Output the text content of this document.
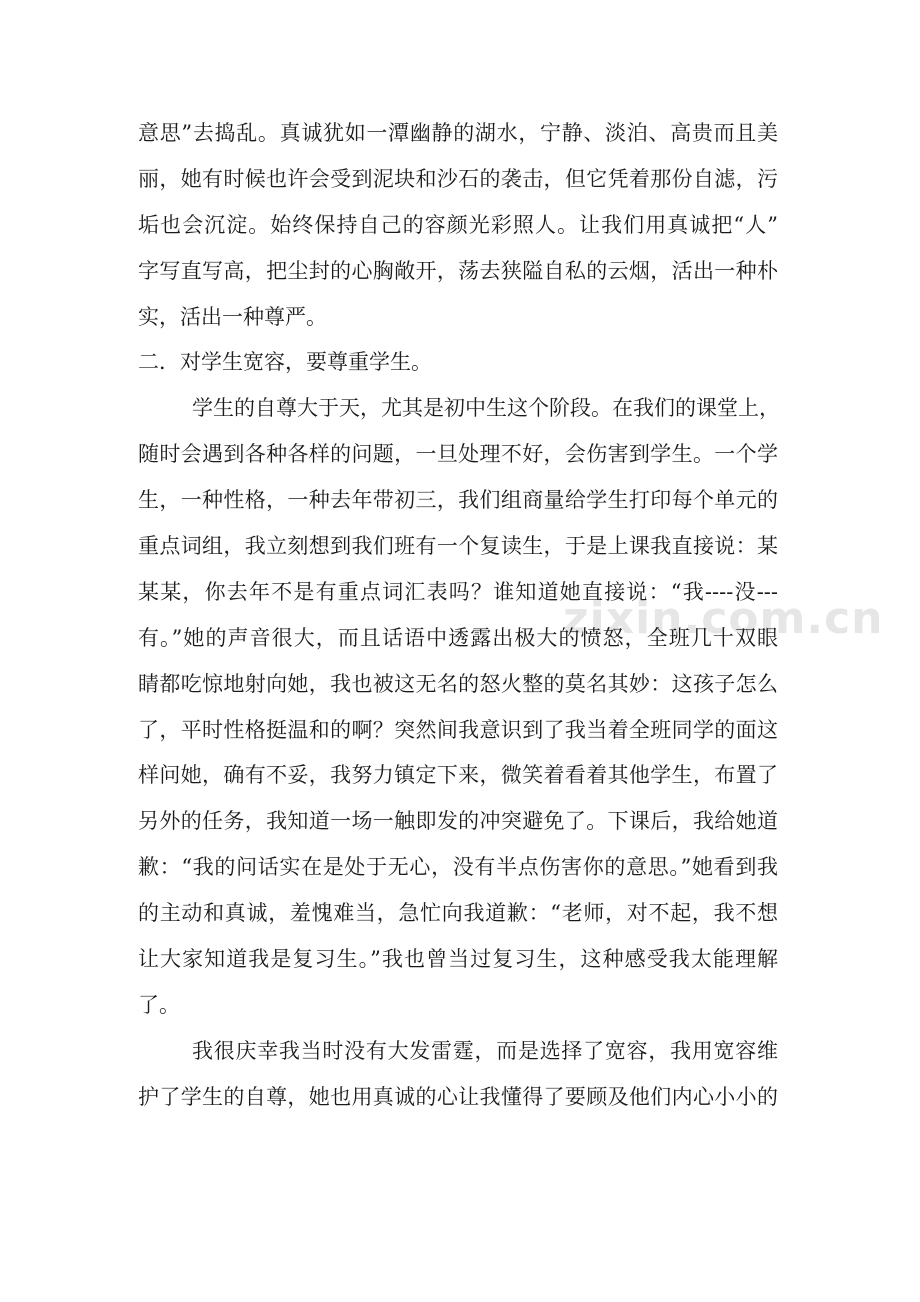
zixin.com.cn
意思”去捣乱。真诚犹如一潭幽静的湖水，宁静、淡泊、高贵而且美
丽，她有时候也许会受到泥块和沙石的袭击，但它凭着那份自滤，污
垢也会沉淀。始终保持自己的容颜光彩照人。让我们用真诚把“人”
字写直写高，把尘封的心胸敞开，荡去狭隘自私的云烟，活出一种朴
实，活出一种尊严。
二．对学生宽容，要尊重学生。
学生的自尊大于天，尤其是初中生这个阶段。在我们的课堂上，
随时会遇到各种各样的问题，一旦处理不好，会伤害到学生。一个学
生，一种性格，一种去年带初三，我们组商量给学生打印每个单元的
重点词组，我立刻想到我们班有一个复读生，于是上课我直接说：某
某某，你去年不是有重点词汇表吗？谁知道她直接说：“我----没---
有。”她的声音很大，而且话语中透露出极大的愤怒，全班几十双眼
睛都吃惊地射向她，我也被这无名的怒火整的莫名其妙：这孩子怎么
了，平时性格挺温和的啊？突然间我意识到了我当着全班同学的面这
样问她，确有不妥，我努力镇定下来，微笑着看着其他学生，布置了
另外的任务，我知道一场一触即发的冲突避免了。下课后，我给她道
歉：“我的问话实在是处于无心，没有半点伤害你的意思。”她看到我
的主动和真诚，羞愧难当，急忙向我道歉：“老师，对不起，我不想
让大家知道我是复习生。”我也曾当过复习生，这种感受我太能理解
了。
我很庆幸我当时没有大发雷霆，而是选择了宽容，我用宽容维
护了学生的自尊，她也用真诚的心让我懂得了要顾及他们内心小小的
